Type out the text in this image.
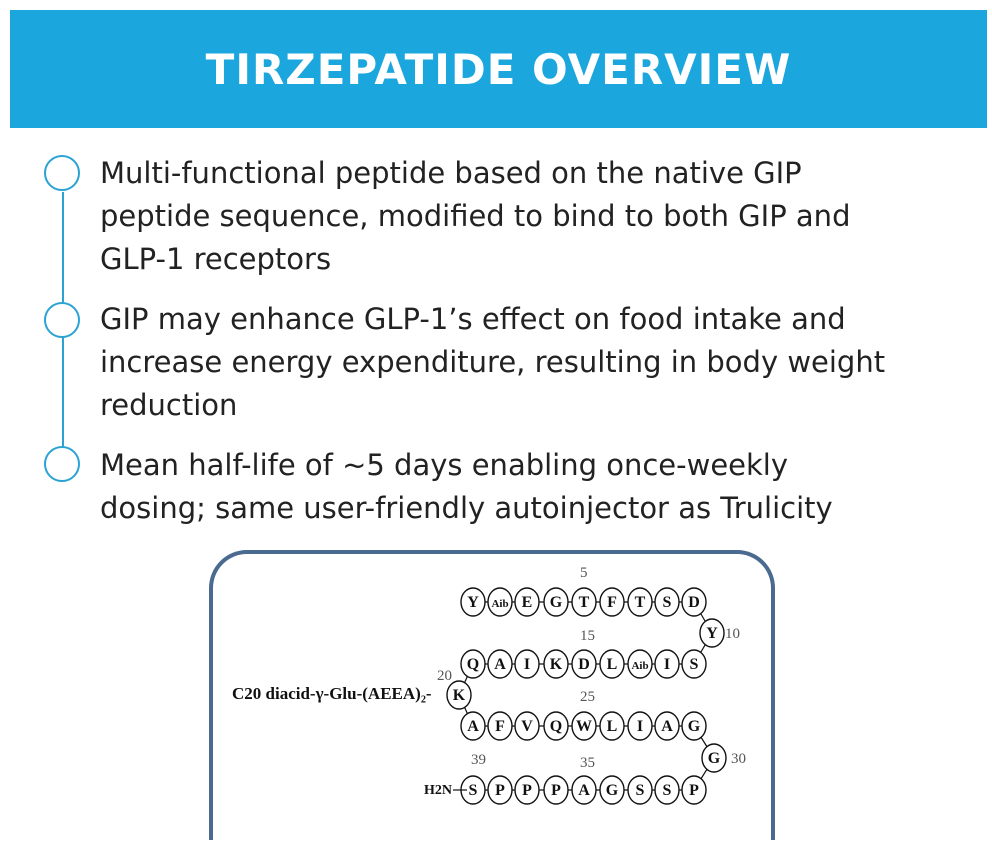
TIRZEPATIDE OVERVIEW
Multi-functional peptide based on the native GIP
peptide sequence, modified to bind to both GIP and
GLP-1 receptors
GIP may enhance GLP-1’s effect on food intake and
increase energy expenditure, resulting in body weight
reduction
Mean half-life of ~5 days enabling once-weekly
dosing; same user-friendly autoinjector as Trulicity
Y Aib E G T F T S D
Q A I K D L Aib I S
A F V Q W L I A G
S P P P A G S S P
Y
K
G
C20 diacid-γ-Glu-(AEEA)₂-
H2N
5
10
15
20
25
30
35
39
